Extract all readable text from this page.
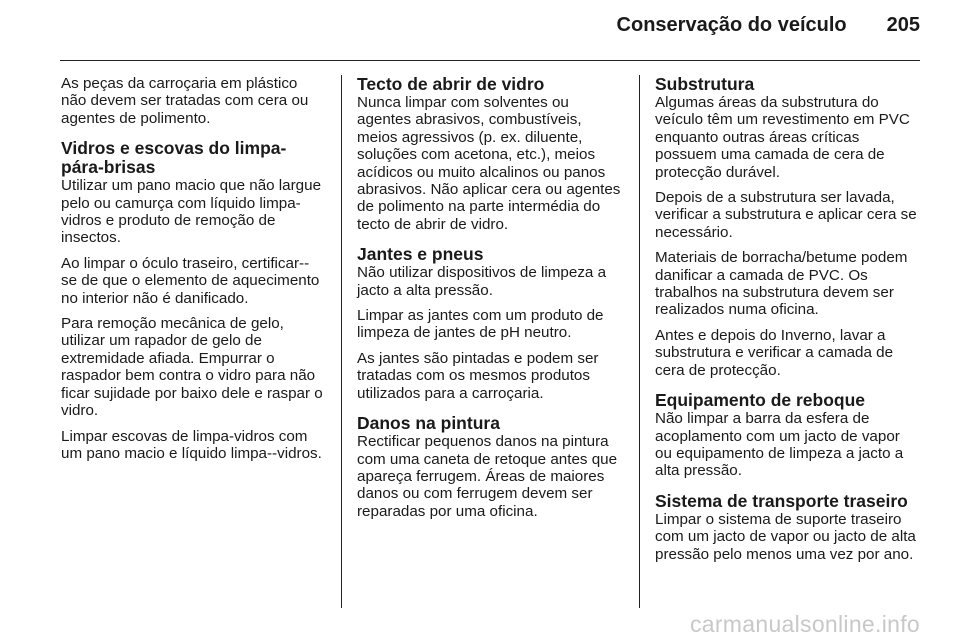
Conservação do veículo 205

As peças da carroçaria em plástico não devem ser tratadas com cera ou agentes de polimento.

Vidros e escovas do limpa-pára-brisas

Utilizar um pano macio que não largue pelo ou camurça com líquido limpa-vidros e produto de remoção de insectos.

Ao limpar o óculo traseiro, certificar--se de que o elemento de aquecimento no interior não é danificado.

Para remoção mecânica de gelo, utilizar um rapador de gelo de extremidade afiada. Empurrar o raspador bem contra o vidro para não ficar sujidade por baixo dele e raspar o vidro.

Limpar escovas de limpa-vidros com um pano macio e líquido limpa--vidros.

Tecto de abrir de vidro

Nunca limpar com solventes ou agentes abrasivos, combustíveis, meios agressivos (p. ex. diluente, soluções com acetona, etc.), meios acídicos ou muito alcalinos ou panos abrasivos. Não aplicar cera ou agentes de polimento na parte intermédia do tecto de abrir de vidro.

Jantes e pneus

Não utilizar dispositivos de limpeza a jacto a alta pressão.

Limpar as jantes com um produto de limpeza de jantes de pH neutro.

As jantes são pintadas e podem ser tratadas com os mesmos produtos utilizados para a carroçaria.

Danos na pintura

Rectificar pequenos danos na pintura com uma caneta de retoque antes que apareça ferrugem. Áreas de maiores danos ou com ferrugem devem ser reparadas por uma oficina.

Substrutura

Algumas áreas da substrutura do veículo têm um revestimento em PVC enquanto outras áreas críticas possuem uma camada de cera de protecção durável.

Depois de a substrutura ser lavada, verificar a substrutura e aplicar cera se necessário.

Materiais de borracha/betume podem danificar a camada de PVC. Os trabalhos na substrutura devem ser realizados numa oficina.

Antes e depois do Inverno, lavar a substrutura e verificar a camada de cera de protecção.

Equipamento de reboque

Não limpar a barra da esfera de acoplamento com um jacto de vapor ou equipamento de limpeza a jacto a alta pressão.

Sistema de transporte traseiro

Limpar o sistema de suporte traseiro com um jacto de vapor ou jacto de alta pressão pelo menos uma vez por ano.

carmanualsonline.info
